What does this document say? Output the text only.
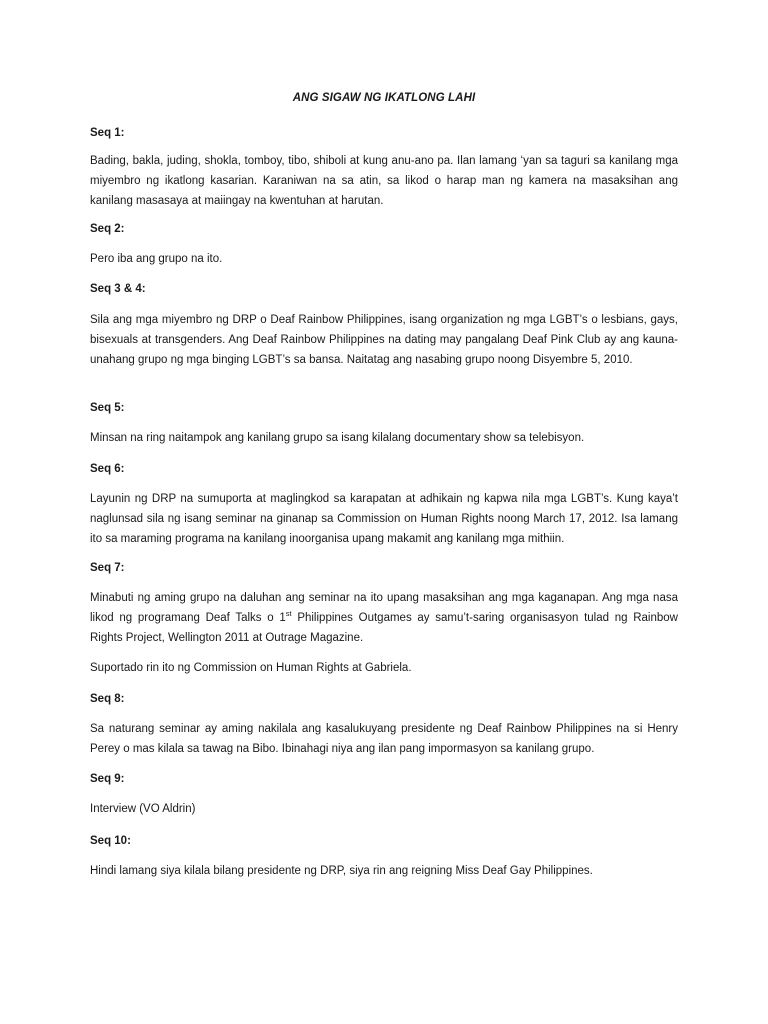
ANG SIGAW NG IKATLONG LAHI
Seq 1:

Bading, bakla, juding, shokla, tomboy, tibo, shiboli at kung anu-ano pa. Ilan lamang ‘yan sa taguri sa kanilang mga miyembro ng ikatlong kasarian. Karaniwan na sa atin, sa likod o harap man ng kamera na masaksihan ang kanilang masasaya at maiingay na kwentuhan at harutan.

Seq 2:

Pero iba ang grupo na ito.

Seq 3 & 4:

Sila ang mga miyembro ng DRP o Deaf Rainbow Philippines, isang organization ng mga LGBT’s o lesbians, gays, bisexuals at transgenders. Ang Deaf Rainbow Philippines na dating may pangalang Deaf Pink Club ay ang kauna-unahang grupo ng mga binging LGBT’s sa bansa. Naitatag ang nasabing grupo noong Disyembre 5, 2010.

Seq 5:

Minsan na ring naitampok ang kanilang grupo sa isang kilalang documentary show sa telebisyon.

Seq 6:

Layunin ng DRP na sumuporta at maglingkod sa karapatan at adhikain ng kapwa nila mga LGBT’s. Kung kaya’t naglunsad sila ng isang seminar na ginanap sa Commission on Human Rights noong March 17, 2012. Isa lamang ito sa maraming programa na kanilang inoorganisa upang makamit ang kanilang mga mithiin.

Seq 7:

Minabuti ng aming grupo na daluhan ang seminar na ito upang masaksihan ang mga kaganapan. Ang mga nasa likod ng programang Deaf Talks o 1st Philippines Outgames ay samu’t-saring organisasyon tulad ng Rainbow Rights Project, Wellington 2011 at Outrage Magazine.

Suportado rin ito ng Commission on Human Rights at Gabriela.

Seq 8:

Sa naturang seminar ay aming nakilala ang kasalukuyang presidente ng Deaf Rainbow Philippines na si Henry Perey o mas kilala sa tawag na Bibo. Ibinahagi niya ang ilan pang impormasyon sa kanilang grupo.

Seq 9:

Interview (VO Aldrin)

Seq 10:

Hindi lamang siya kilala bilang presidente ng DRP, siya rin ang reigning Miss Deaf Gay Philippines.
